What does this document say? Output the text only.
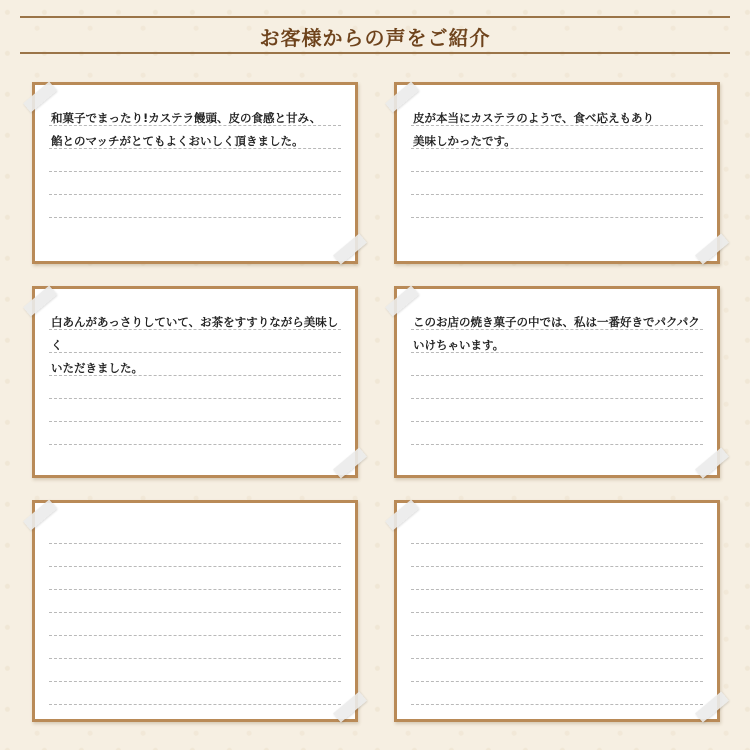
お客様からの声をご紹介
和菓子でまったり!カステラ饅頭、皮の食感と甘み、
餡とのマッチがとてもよくおいしく頂きました。
皮が本当にカステラのようで、食べ応えもあり
美味しかったです。
白あんがあっさりしていて、お茶をすすりながら美味しく
いただきました。
このお店の焼き菓子の中では、私は一番好きでパクパク
いけちゃいます。
